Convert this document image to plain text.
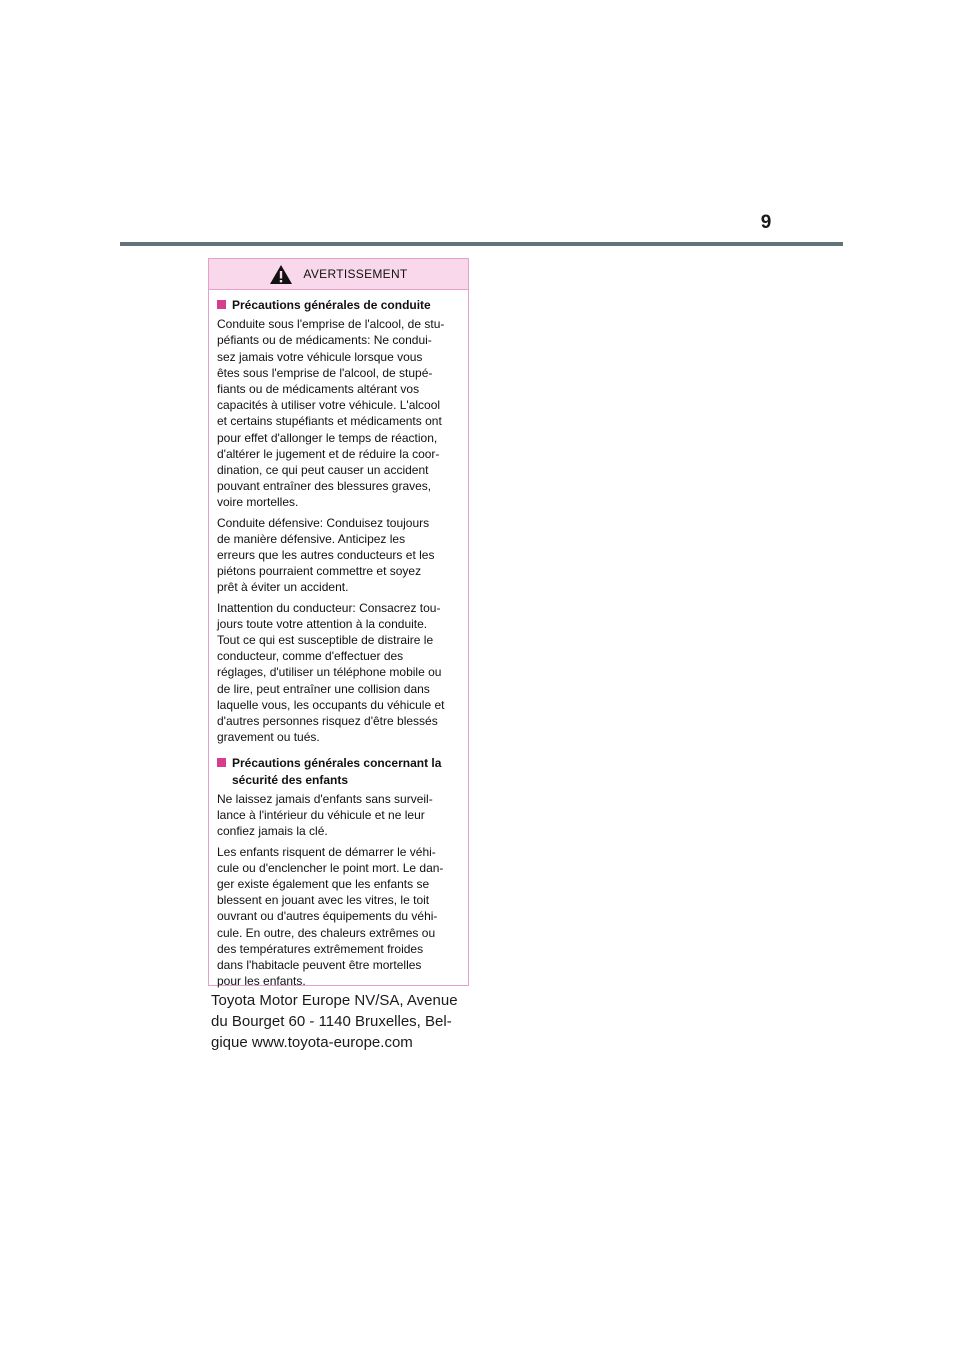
9
AVERTISSEMENT
Précautions générales de conduite

Conduite sous l'emprise de l'alcool, de stu-
péfiants ou de médicaments: Ne condui-
sez jamais votre véhicule lorsque vous
êtes sous l'emprise de l'alcool, de stupé-
fiants ou de médicaments altérant vos
capacités à utiliser votre véhicule. L'alcool
et certains stupéfiants et médicaments ont
pour effet d'allonger le temps de réaction,
d'altérer le jugement et de réduire la coor-
dination, ce qui peut causer un accident
pouvant entraîner des blessures graves,
voire mortelles.

Conduite défensive: Conduisez toujours
de manière défensive. Anticipez les
erreurs que les autres conducteurs et les
piétons pourraient commettre et soyez
prêt à éviter un accident.

Inattention du conducteur: Consacrez tou-
jours toute votre attention à la conduite.
Tout ce qui est susceptible de distraire le
conducteur, comme d'effectuer des
réglages, d'utiliser un téléphone mobile ou
de lire, peut entraîner une collision dans
laquelle vous, les occupants du véhicule et
d'autres personnes risquez d'être blessés
gravement ou tués.

Précautions générales concernant la
sécurité des enfants

Ne laissez jamais d'enfants sans surveil-
lance à l'intérieur du véhicule et ne leur
confiez jamais la clé.

Les enfants risquent de démarrer le véhi-
cule ou d'enclencher le point mort. Le dan-
ger existe également que les enfants se
blessent en jouant avec les vitres, le toit
ouvrant ou d'autres équipements du véhi-
cule. En outre, des chaleurs extrêmes ou
des températures extrêmement froides
dans l'habitacle peuvent être mortelles
pour les enfants.

Toyota Motor Europe NV/SA, Avenue
du Bourget 60 - 1140 Bruxelles, Bel-
gique www.toyota-europe.com
